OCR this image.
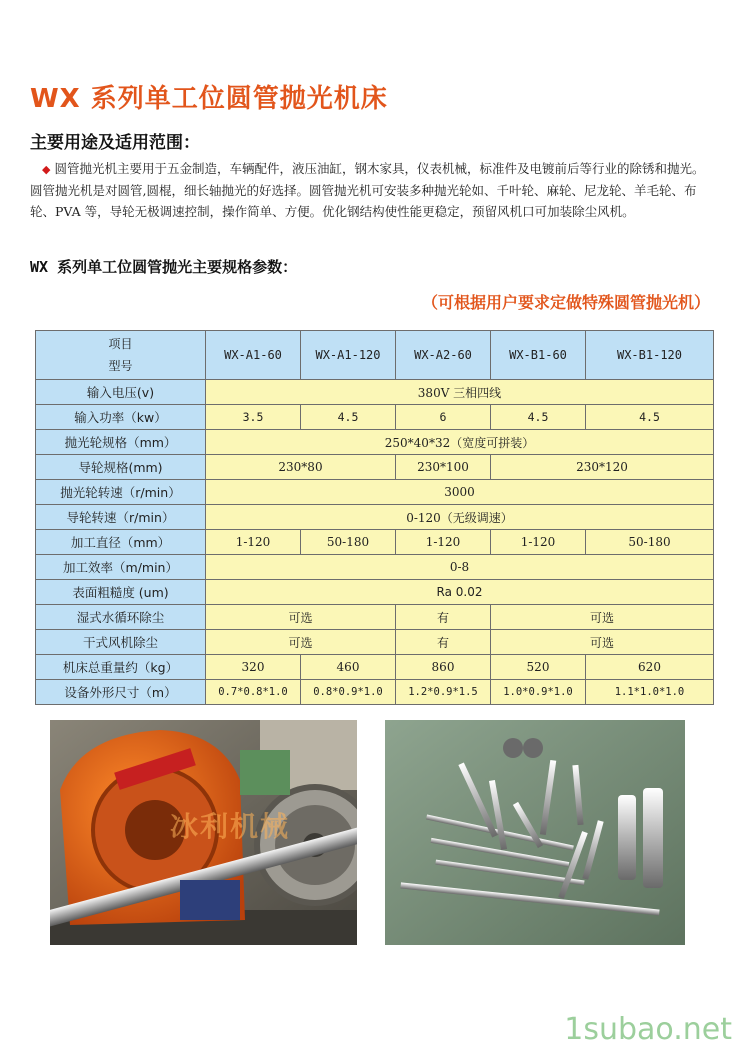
WX 系列单工位圆管抛光机床
主要用途及适用范围：
◆ 圆管抛光机主要用于五金制造，车辆配件，液压油缸，钢木家具，仪表机械，标准件及电镀前后等行业的除锈和抛光。 圆管抛光机是对圆管,圆棍，细长轴抛光的好选择。圆管抛光机可安装多种抛光轮如、千叶轮、麻轮、尼龙轮、羊毛轮、布轮、PVA 等，导轮无极调速控制，操作简单、方便。优化钢结构使性能更稳定，预留风机口可加装除尘风机。
WX 系列单工位圆管抛光主要规格参数：
（可根据用户要求定做特殊圆管抛光机）
项目
型号	WX-A1-60	WX-A1-120	WX-A2-60	WX-B1-60	WX-B1-120

输入电压(v)	380V 三相四线				
输入功率（kw）	3.5	4.5	6	4.5	4.5
抛光轮规格（mm）	250*40*32（宽度可拼装）				
导轮规格(mm)	230*80		230*100	230*120	
抛光轮转速（r/min）	3000				
导轮转速（r/min）	0-120（无级调速）				
加工直径（mm）	1-120	50-180	1-120	1-120	50-180
加工效率（m/min）	0-8				
表面粗糙度 (um)	Ra 0.02				
湿式水循环除尘	可选		有	可选	
干式风机除尘	可选		有	可选	
机床总重量约（kg）	320	460	860	520	620
设备外形尺寸（m）	0.7*0.8*1.0	0.8*0.9*1.0	1.2*0.9*1.5	1.0*0.9*1.0	1.1*1.0*1.0
冰利机械
1subao.net
